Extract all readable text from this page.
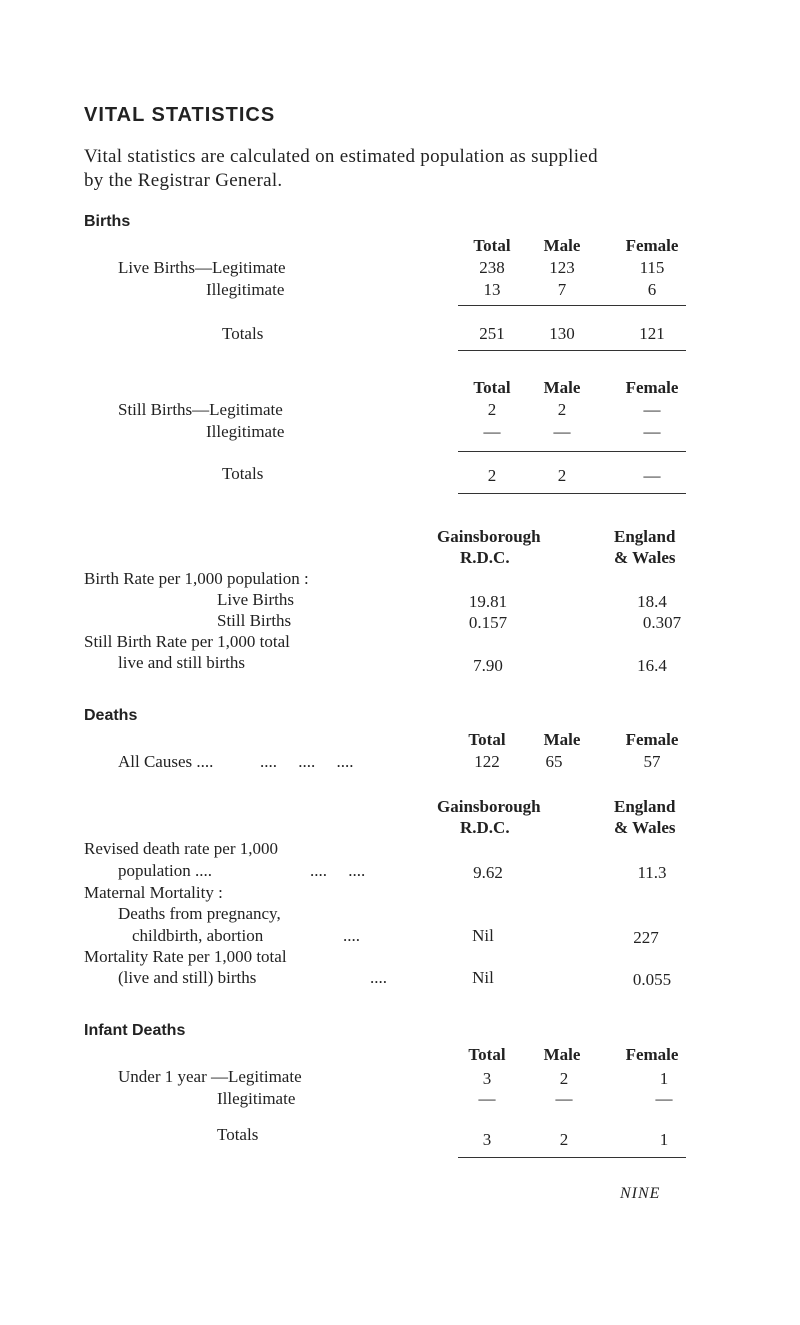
VITAL STATISTICS
Vital statistics are calculated on estimated population as supplied
by the Registrar General.
Births
Total	Male	Female
Live Births—Legitimate	238	123	115
Illegitimate	13	7	6
Totals	251	130	121
Total	Male	Female
Still Births—Legitimate	2	2	—
Illegitimate	—	—	—
Totals	2	2	—
Gainsborough
R.D.C.
England
& Wales
Birth Rate per 1,000 population :
Live Births	19.81	18.4
Still Births	0.157	0.307
Still Birth Rate per 1,000 total
live and still births	7.90	16.4
Deaths
Total	Male	Female
All Causes ....	....     ....     ....	122	65	57
Gainsborough
R.D.C.
England
& Wales
Revised death rate per 1,000
population ....	....     ....	9.62	11.3
Maternal Mortality :
Deaths from pregnancy,
childbirth, abortion	....	Nil	227
Mortality Rate per 1,000 total
(live and still) births	....	Nil	0.055
Infant Deaths
Total	Male	Female
Under 1 year —Legitimate	3	2	1
Illegitimate	—	—	—
Totals	3	2	1
NINE
